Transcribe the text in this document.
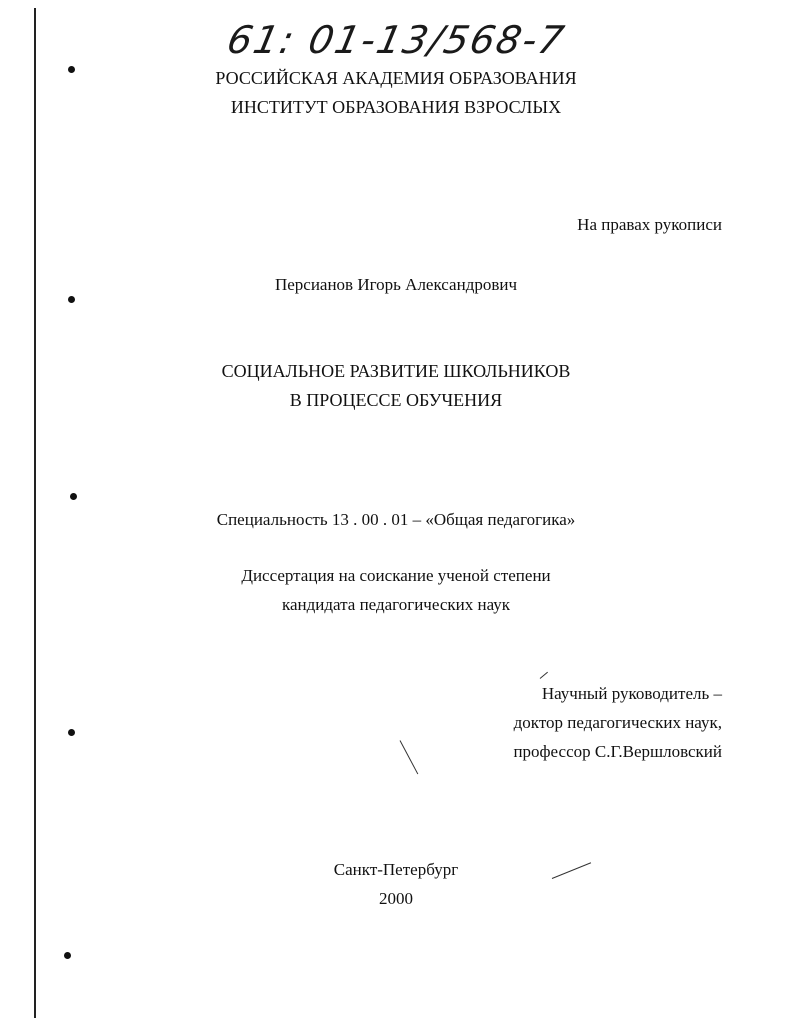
61: 01-13/568-7
РОССИЙСКАЯ АКАДЕМИЯ ОБРАЗОВАНИЯ
ИНСТИТУТ ОБРАЗОВАНИЯ ВЗРОСЛЫХ
На правах рукописи
Персианов Игорь Александрович
СОЦИАЛЬНОЕ РАЗВИТИЕ ШКОЛЬНИКОВ
В ПРОЦЕССЕ ОБУЧЕНИЯ
Специальность 13 . 00 . 01 – «Общая педагогика»
Диссертация на соискание ученой степени
кандидата педагогических наук
Научный руководитель –
доктор педагогических наук,
профессор С.Г.Вершловский
Санкт-Петербург
2000
